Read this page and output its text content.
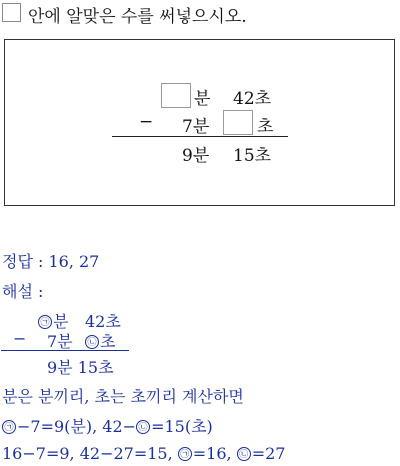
안에 알맞은 수를 써넣으시오.
분 42초
− 7분	초
9분 15초
정답 : 16, 27
해설 :
㉠ 분 42초
− 7분 ㉡ 초
9분 15초
분은 분끼리, 초는 초끼리 계산하면
㉠ −7=9(분), 42− ㉡ =15(초)
16−7=9, 42−27=15, ㉠ =16, ㉡ =27
